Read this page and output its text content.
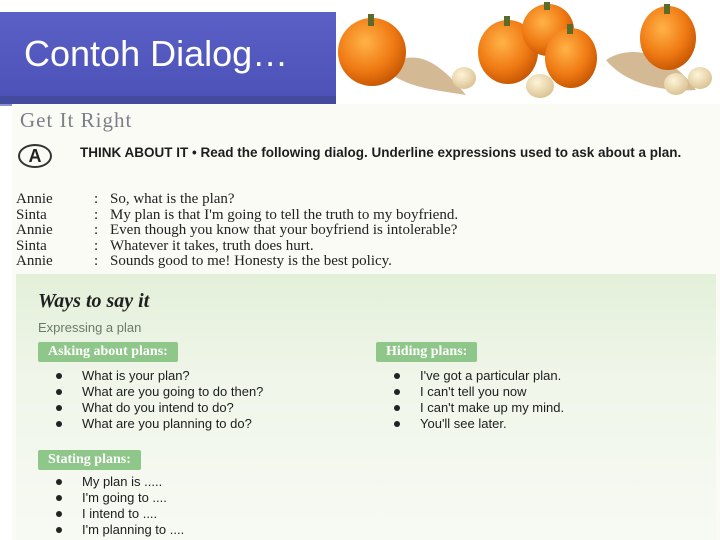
Contoh Dialog…
Get It Right
A	THINK ABOUT IT • Read the following dialog. Underline expressions used to ask about a plan.
Annie	: So, what is the plan?
Sinta	: My plan is that I'm going to tell the truth to my boyfriend.
Annie	: Even though you know that your boyfriend is intolerable?
Sinta	: Whatever it takes, truth does hurt.
Annie	: Sounds good to me! Honesty is the best policy.
Ways to say it
Expressing a plan
Asking about plans:
What is your plan?
What are you going to do then?
What do you intend to do?
What are you planning to do?
Hiding plans:
I've got a particular plan.
I can't tell you now
I can't make up my mind.
You'll see later.
Stating plans:
My plan is .....
I'm going to ....
I intend to ....
I'm planning to ....
